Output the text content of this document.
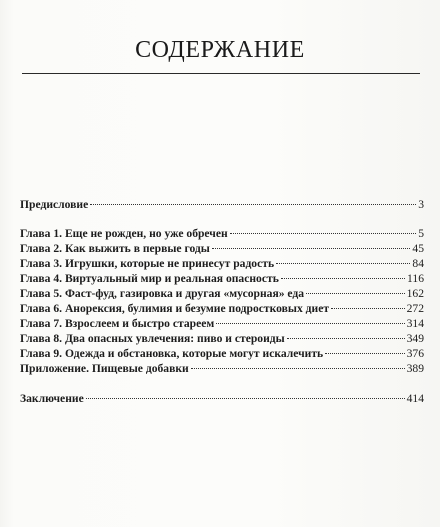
СОДЕРЖАНИЕ
Предисловие	3
Глава 1. Еще не рожден, но уже обречен	5
Глава 2. Как выжить в первые годы	45
Глава 3. Игрушки, которые не принесут радость	84
Глава 4. Виртуальный мир и реальная опасность	116
Глава 5. Фаст-фуд, газировка и другая «мусорная» еда	162
Глава 6. Анорексия, булимия и безумие подростковых диет	272
Глава 7. Взрослеем и быстро стареем	314
Глава 8. Два опасных увлечения: пиво и стероиды	349
Глава 9. Одежда и обстановка, которые могут искалечить	376
Приложение. Пищевые добавки	389
Заключение	414
